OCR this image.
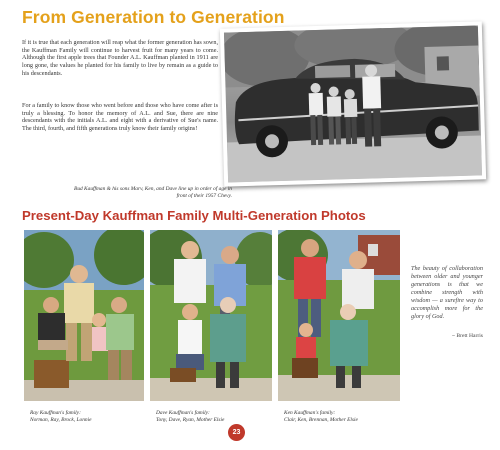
From Generation to Generation

If it is true that each generation will reap what the former generation has sown, the Kauffman Family will continue to harvest fruit for many years to come. Although the first apple trees that Founder A.L. Kauffman planted in 1911 are long gone, the values he planted for his family to live by remain as a guide to his descendants.

For a family to know those who went before and those who have come after is truly a blessing. To honor the memory of A.L. and Sue, there are nine descendants with the initials A.L. and eight with a derivative of Sue's name. The third, fourth, and fifth generations truly know their family origins!

Bud Kauffman & his sons Marv, Ken, and Dave line up in order of age in front of their 1957 Chevy.

Present-Day Kauffman Family Multi-Generation Photos

Ray Kauffman's family:
Norman, Ray, Brock, Lonnie

Dave Kauffman's family:
Tony, Dave, Ryan, Mother Elsie

Ken Kauffman's family:
Clair, Ken, Brennan, Mother Elsie

The beauty of collaboration between older and younger generations is that we combine strength with wisdom — a surefire way to accomplish more for the glory of God.

~ Brett Harris

23
